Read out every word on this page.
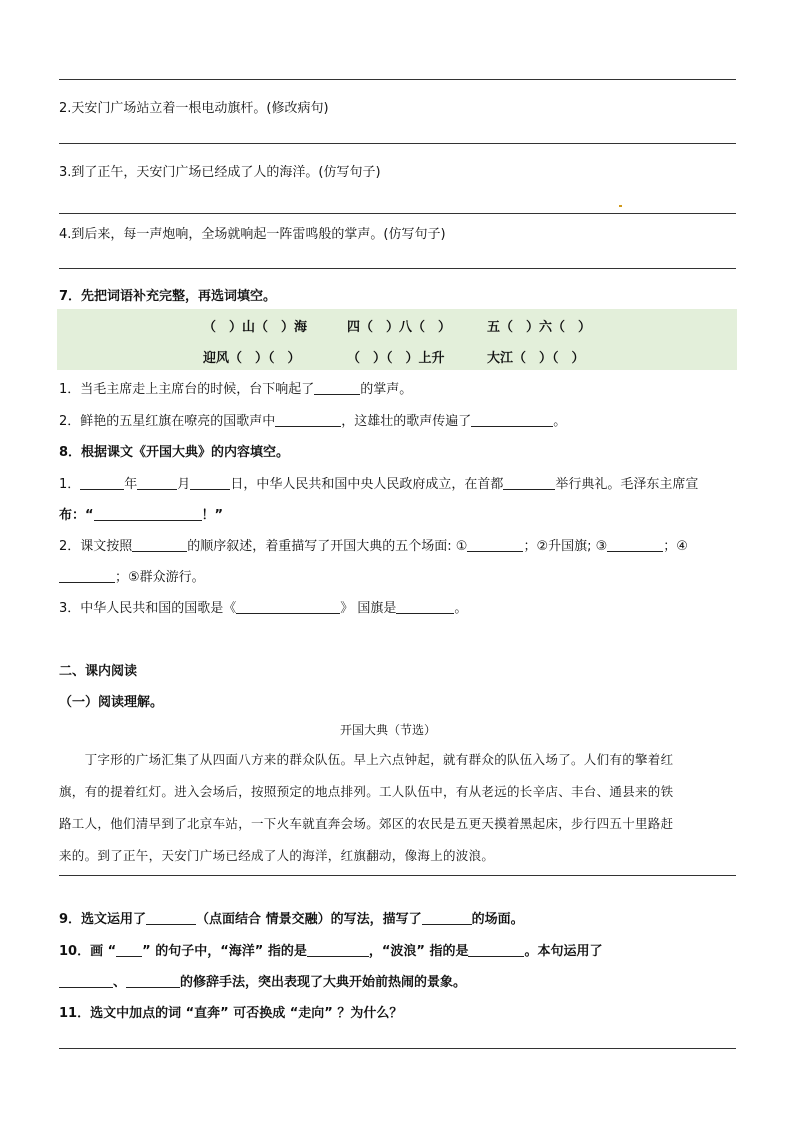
2.天安门广场站立着一根电动旗杆。(修改病句)
3.到了正午，天安门广场已经成了人的海洋。(仿写句子)
4.到后来，每一声炮响，全场就响起一阵雷鸣般的掌声。(仿写句子)
7．先把词语补充完整，再选词填空。
（　）山（　）海	四（　）八（　）	五（　）六（　）
迎风（　）（　）	（　）（　）上升	大江（　）（　）
1．当毛主席走上主席台的时候，台下响起了	的掌声。
2．鲜艳的五星红旗在嘹亮的国歌声中	，这雄壮的歌声传遍了	。
8．根据课文《开国大典》的内容填空。
1．	年	月	日，中华人民共和国中央人民政府成立，在首都	举行典礼。毛泽东主席宣
布：“	！”
2．课文按照	的顺序叙述，着重描写了开国大典的五个场面: ①	；②升国旗; ③	；④
；⑤群众游行。
3．中华人民共和国的国歌是《	》 国旗是	。
二、课内阅读
（一）阅读理解。
开国大典（节选）
　　丁字形的广场汇集了从四面八方来的群众队伍。早上六点钟起，就有群众的队伍入场了。人们有的擎着红
旗，有的提着红灯。进入会场后，按照预定的地点排列。工人队伍中，有从老远的长辛店、丰台、通县来的铁
路工人，他们清早到了北京车站，一下火车就直奔会场。郊区的农民是五更天摸着黑起床，步行四五十里路赶
来的。到了正午，天安门广场已经成了人的海洋，红旗翻动，像海上的波浪。
9．选文运用了	（点面结合 情景交融）的写法，描写了	的场面。
10．画 “ ” 的句子中，“海洋” 指的是	，“波浪” 指的是	。本句运用了
、	的修辞手法，突出表现了大典开始前热闹的景象。
11．选文中加点的词 “直奔” 可否换成 “走向” ？为什么？
